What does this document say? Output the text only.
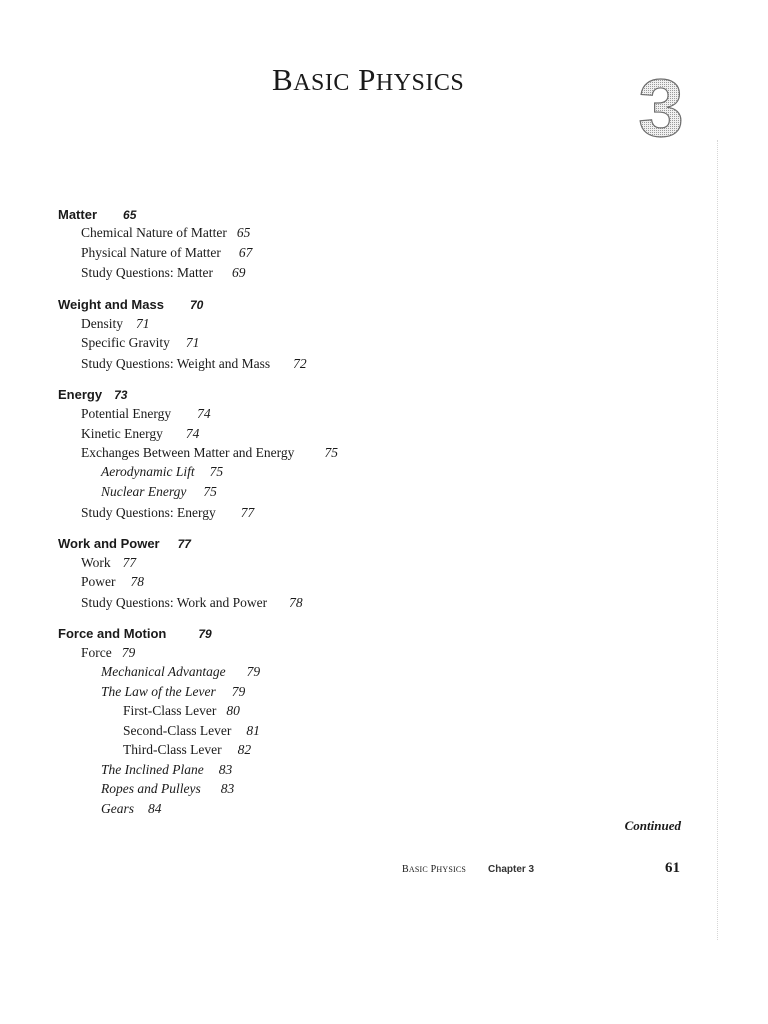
BASIC PHYSICS 3
Matter 65
Chemical Nature of Matter 65
Physical Nature of Matter 67
Study Questions: Matter 69
Weight and Mass 70
Density 71
Specific Gravity 71
Study Questions: Weight and Mass 72
Energy 73
Potential Energy 74
Kinetic Energy 74
Exchanges Between Matter and Energy 75
Aerodynamic Lift 75
Nuclear Energy 75
Study Questions: Energy 77
Work and Power 77
Work 77
Power 78
Study Questions: Work and Power 78
Force and Motion	79
Force 79
Mechanical Advantage 79
The Law of the Lever 79
First-Class Lever 80
Second-Class Lever 81
Third-Class Lever 82
The Inclined Plane 83
Ropes and Pulleys 83
Gears 84
Continued
BASIC PHYSICS Chapter 3	61
